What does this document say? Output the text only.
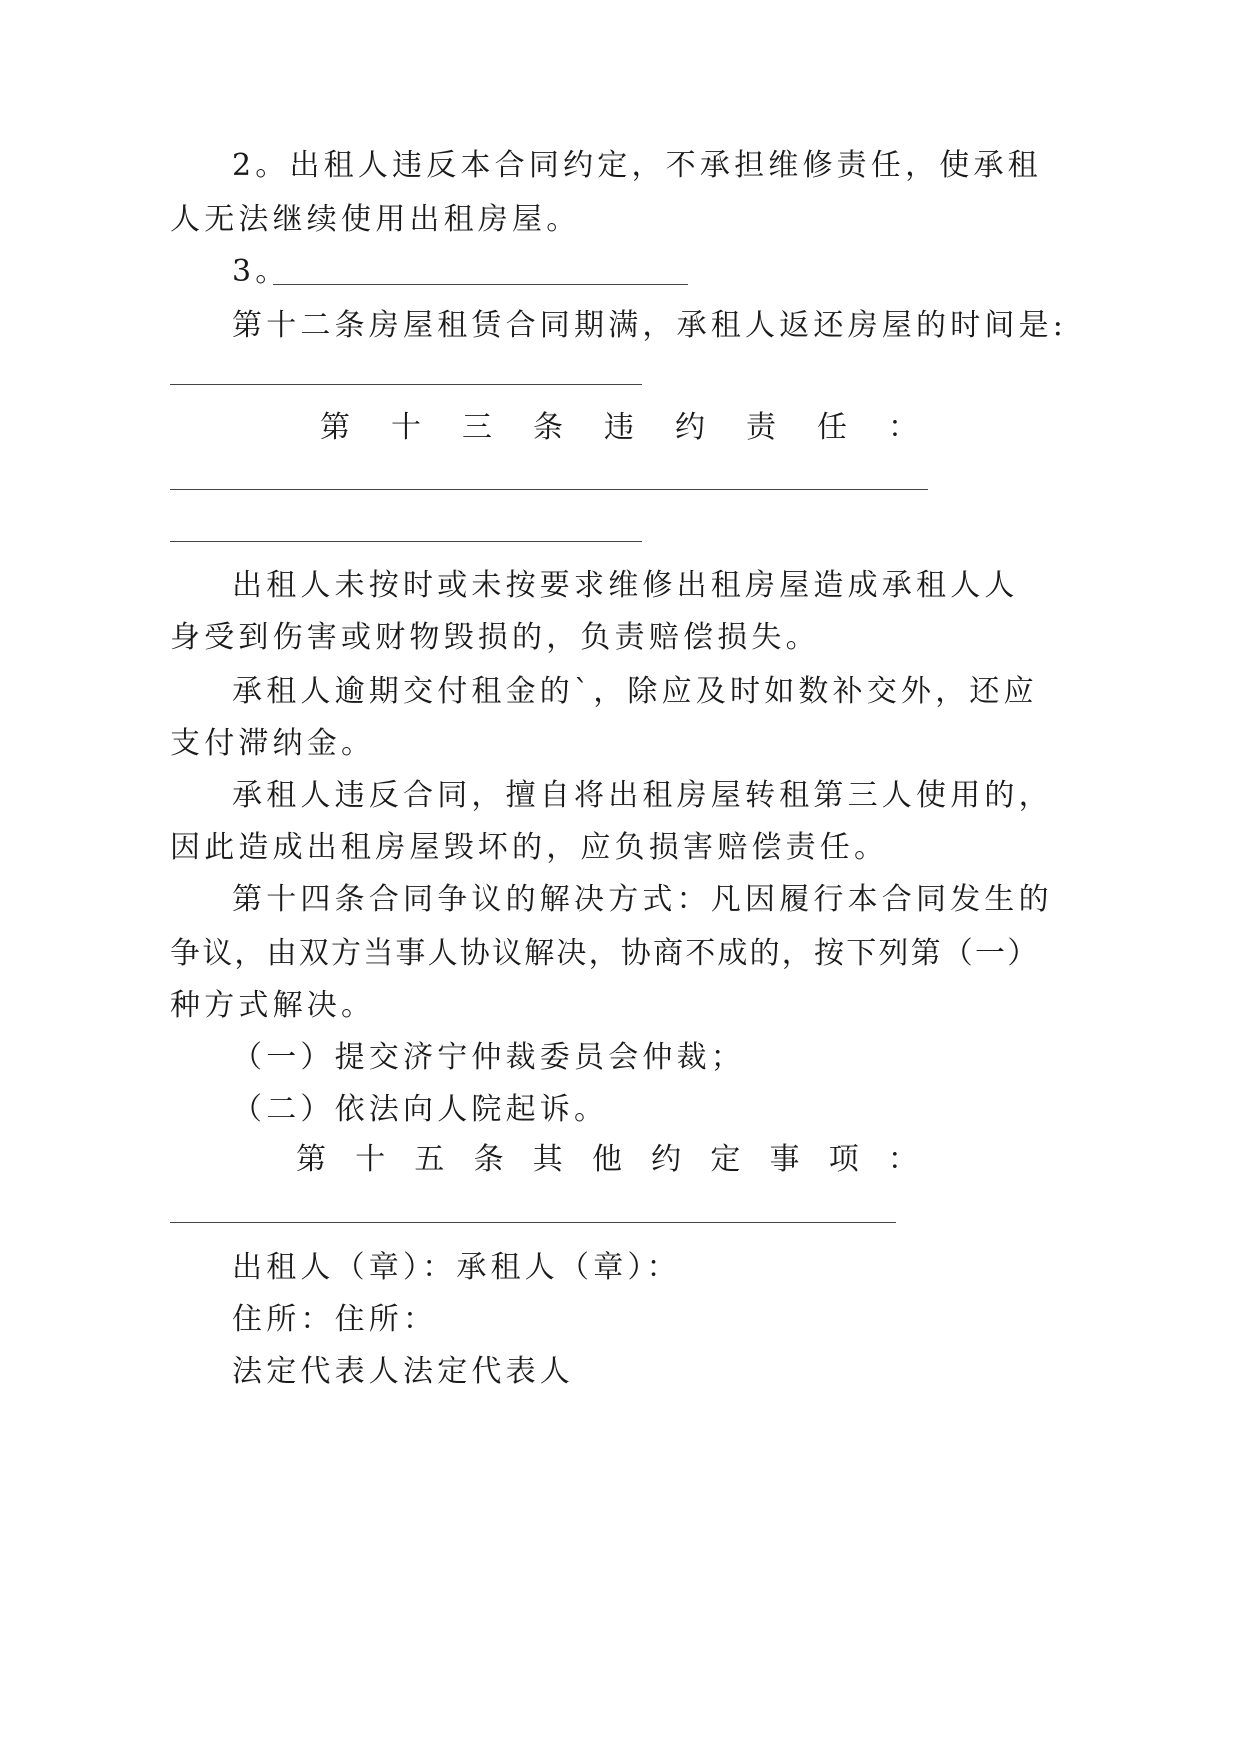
2。出租人违反本合同约定，不承担维修责任，使承租
人无法继续使用出租房屋。
3。
第十二条房屋租赁合同期满，承租人返还房屋的时间是:
第 十 三 条 违 约 责 任 ：
出租人未按时或未按要求维修出租房屋造成承租人人
身受到伤害或财物毁损的，负责赔偿损失。
承租人逾期交付租金的`，除应及时如数补交外，还应
支付滞纳金。
承租人违反合同，擅自将出租房屋转租第三人使用的，
因此造成出租房屋毁坏的，应负损害赔偿责任。
第十四条合同争议的解决方式：凡因履行本合同发生的
争议，由双方当事人协议解决，协商不成的，按下列第（一）
种方式解决。
（一）提交济宁仲裁委员会仲裁；
（二）依法向人院起诉。
第 十 五 条 其 他 约 定 事 项 ：
出租人（章）：承租人（章）：
住所：住所：
法定代表人法定代表人
